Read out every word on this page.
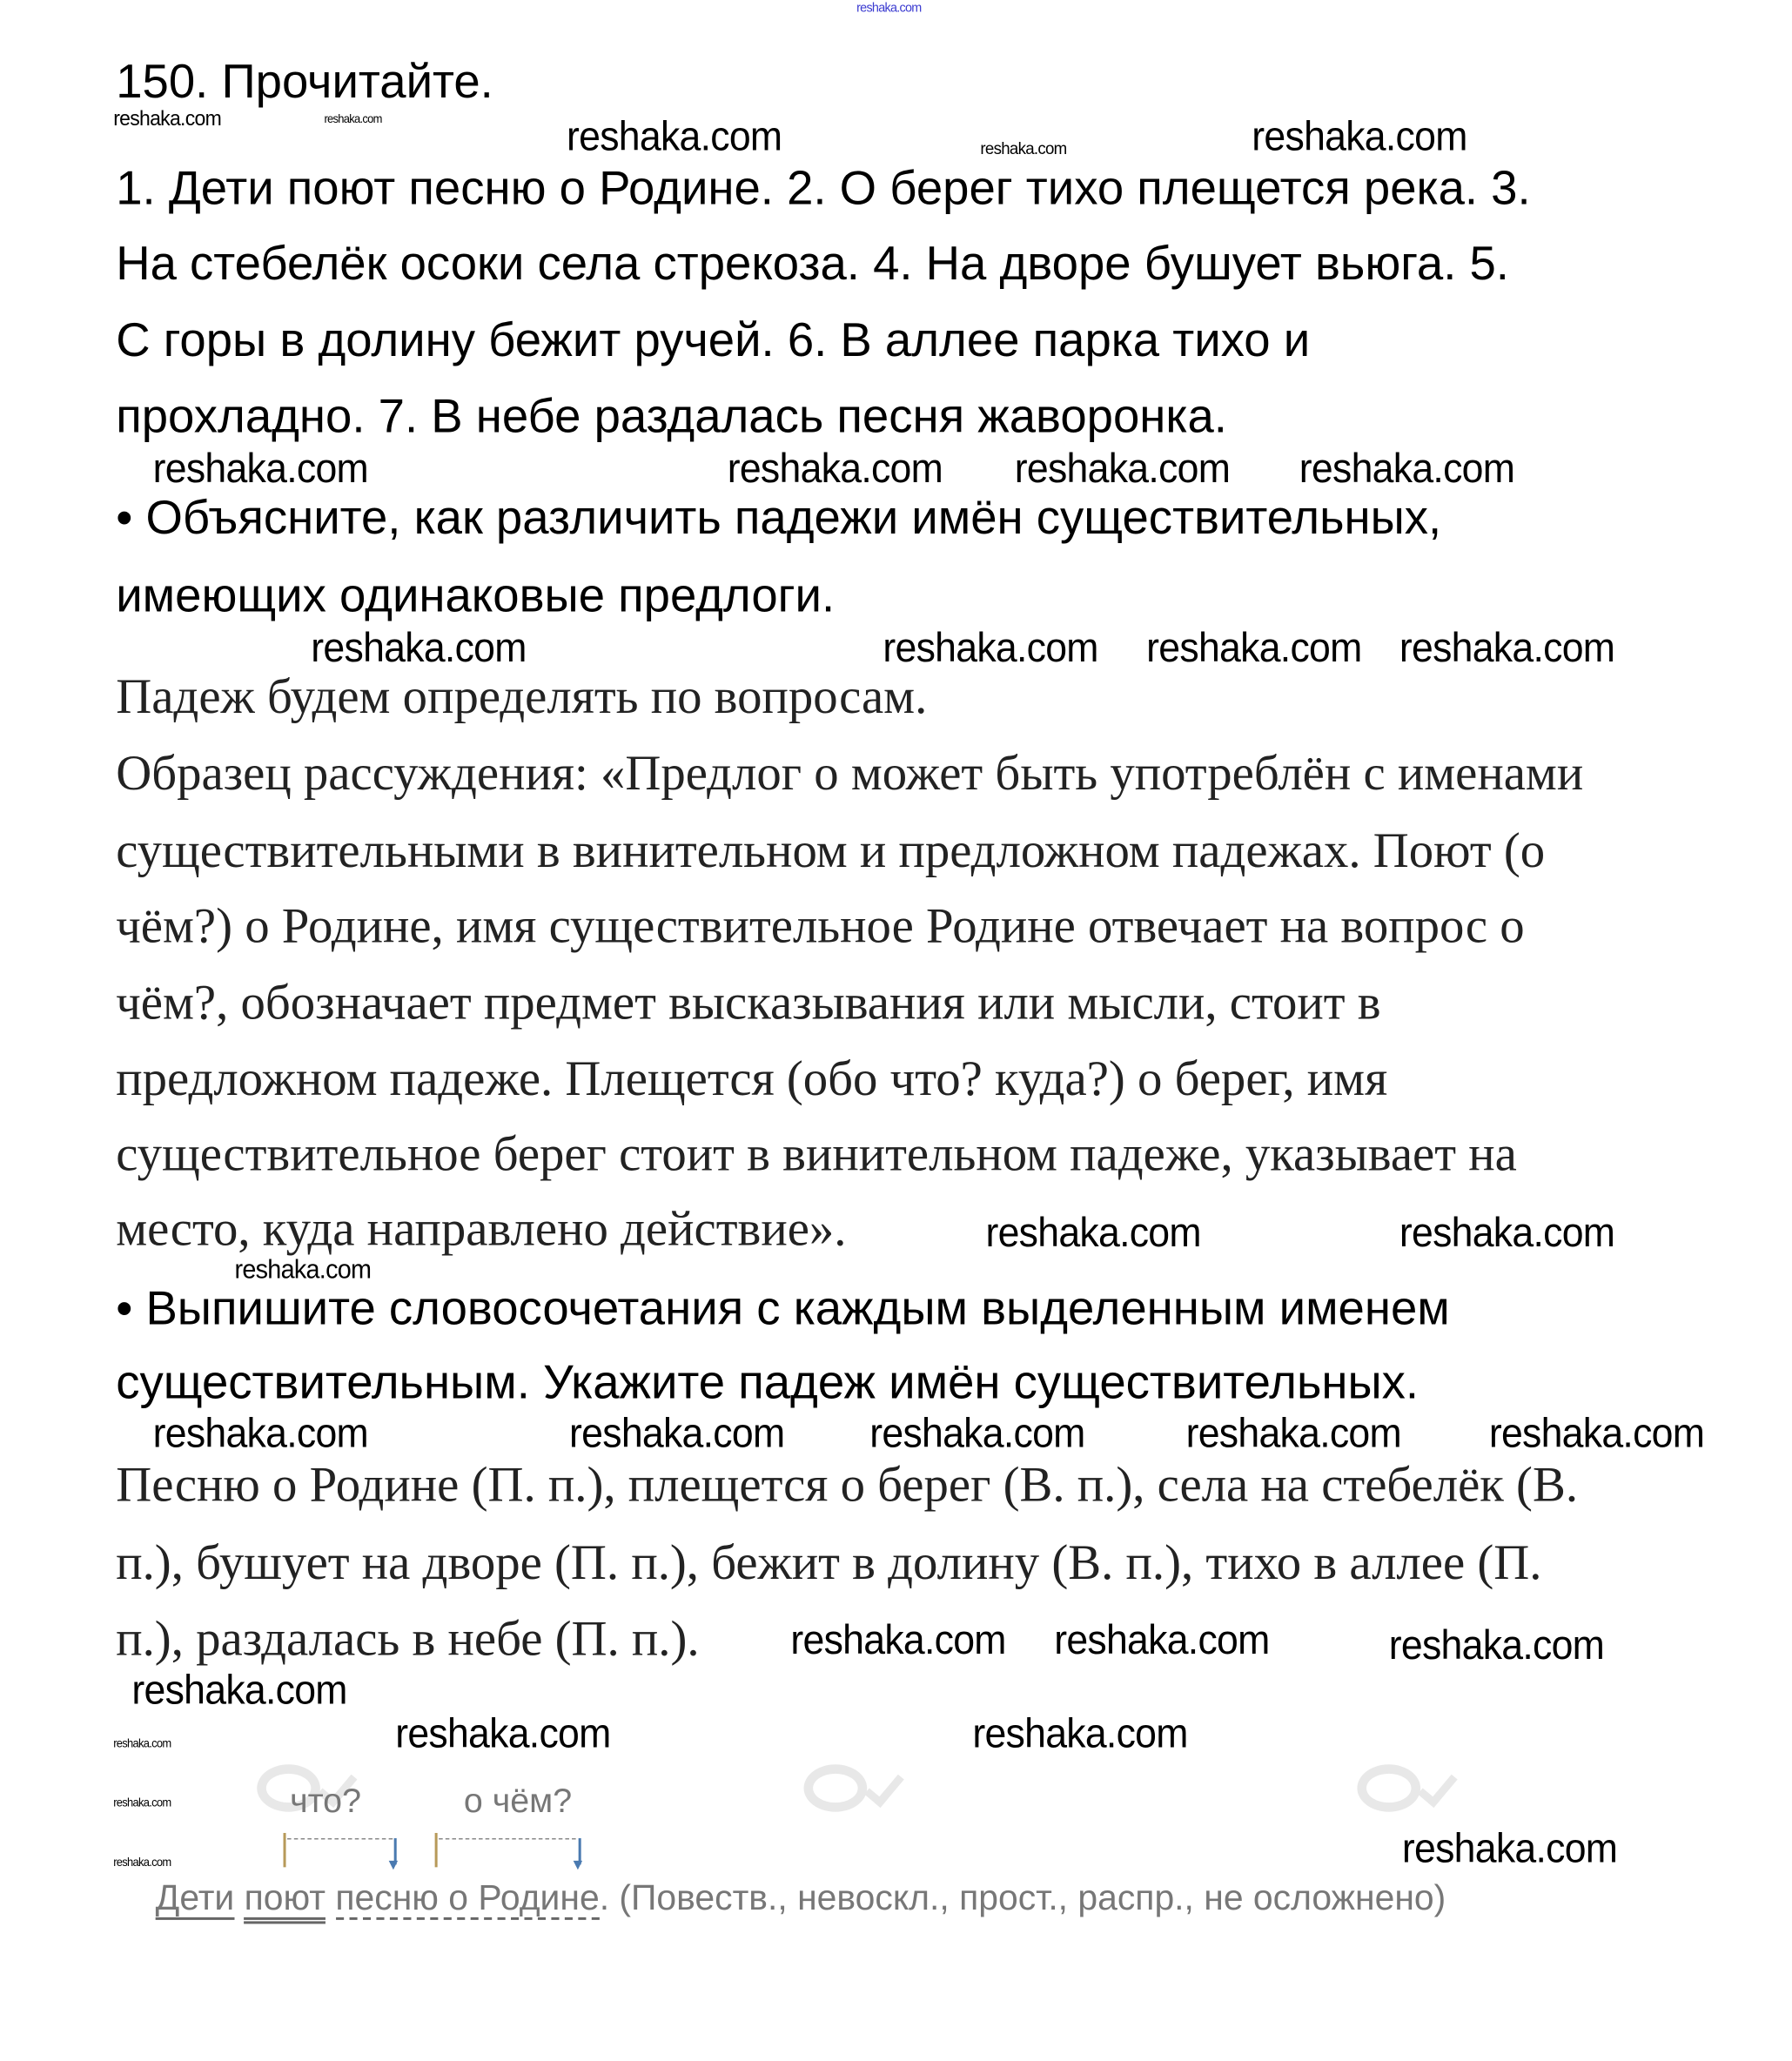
150. Прочитайте.
1. Дети поют песню о Родине. 2. О берег тихо плещется река. 3.
На стебелёк осоки села стрекоза. 4. На дворе бушует вьюга. 5.
С горы в долину бежит ручей. 6. В аллее парка тихо и
прохладно. 7. В небе раздалась песня жаворонка.
• Объясните, как различить падежи имён существительных,
имеющих одинаковые предлоги.
Падеж будем определять по вопросам.
Образец рассуждения: «Предлог о может быть употреблён с именами
существительными в винительном и предложном падежах. Поют (о
чём?) о Родине, имя существительное Родине отвечает на вопрос о
чём?, обозначает предмет высказывания или мысли, стоит в
предложном падеже. Плещется (обо что? куда?) о берег, имя
существительное берег стоит в винительном падеже, указывает на
место, куда направлено действие».
• Выпишите словосочетания с каждым выделенным именем
существительным. Укажите падеж имён существительных.
Песню о Родине (П. п.), плещется о берег (В. п.), села на стебелёк (В.
п.), бушует на дворе (П. п.), бежит в долину (В. п.), тихо в аллее (П.
п.), раздалась в небе (П. п.).
что?	о чём?
▾	▾
Дети поют песню о Родине. (Повеств., невоскл., прост., распр., не осложнено)
reshaka.com
reshaka.com	reshaka.com	reshaka.com	reshaka.com	reshaka.com
reshaka.com	reshaka.com	reshaka.com
reshaka.com	reshaka.com	reshaka.com
reshaka.com	reshaka.com
reshaka.com
reshaka.com
reshaka.com reshaka.com
reshaka.com	reshaka.com
reshaka.com
reshaka.com	reshaka.com
reshaka.com
reshaka.com
reshaka.com
reshaka.com	reshaka.com	reshaka.com
reshaka.com
reshaka.com	reshaka.com
